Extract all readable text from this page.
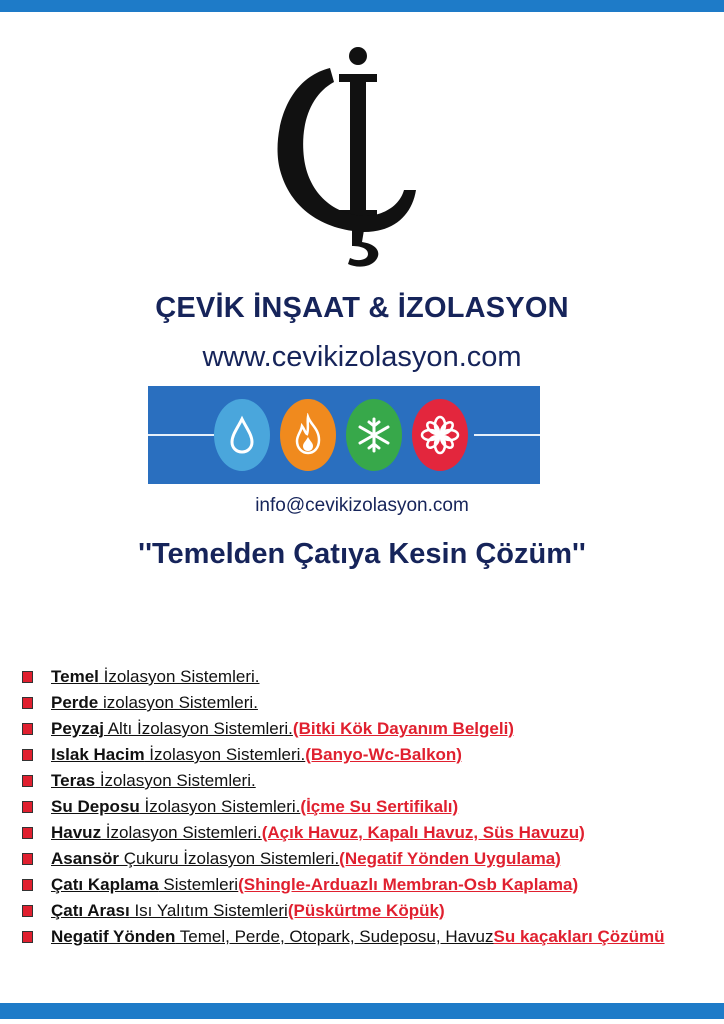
ÇEVİK İNŞAAT & İZOLASYON
www.cevikizolasyon.com
info@cevikizolasyon.com
''Temelden Çatıya Kesin Çözüm''
Temel İzolasyon Sistemleri.
Perde izolasyon Sistemleri.
Peyzaj Altı İzolasyon Sistemleri. (Bitki Kök Dayanım Belgeli)
Islak Hacim İzolasyon Sistemleri. (Banyo-Wc-Balkon)
Teras İzolasyon Sistemleri.
Su Deposu İzolasyon Sistemleri. (İçme Su Sertifikalı)
Havuz İzolasyon Sistemleri. (Açık Havuz, Kapalı Havuz, Süs Havuzu)
Asansör Çukuru İzolasyon Sistemleri. (Negatif Yönden Uygulama)
Çatı Kaplama Sistemleri (Shingle-Arduazlı Membran-Osb Kaplama)
Çatı Arası Isı Yalıtım Sistemleri (Püskürtme Köpük)
Negatif Yönden Temel, Perde, Otopark, Sudeposu, Havuz Su kaçakları Çözümü
